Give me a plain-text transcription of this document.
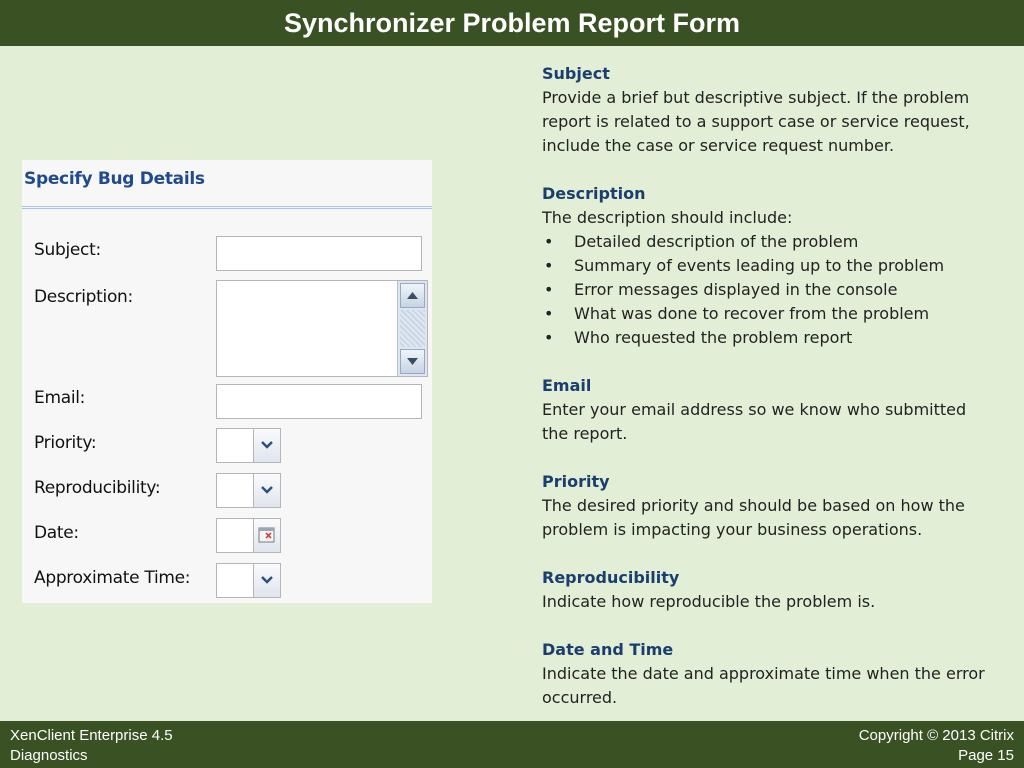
Synchronizer Problem Report Form
Specify Bug Details
Subject:
Description:
Email:
Priority:
Reproducibility:
Date:
Approximate Time:
Subject
Provide a brief but descriptive subject. If the problem report is related to a support case or service request, include the case or service request number.
Description
The description should include:
• Detailed description of the problem
• Summary of events leading up to the problem
• Error messages displayed in the console
• What was done to recover from the problem
• Who requested the problem report
Email
Enter your email address so we know who submitted the report.
Priority
The desired priority and should be based on how the problem is impacting your business operations.
Reproducibility
Indicate how reproducible the problem is.
Date and Time
Indicate the date and approximate time when the error occurred.
XenClient Enterprise 4.5
Diagnostics
Copyright © 2013 Citrix
Page 15
